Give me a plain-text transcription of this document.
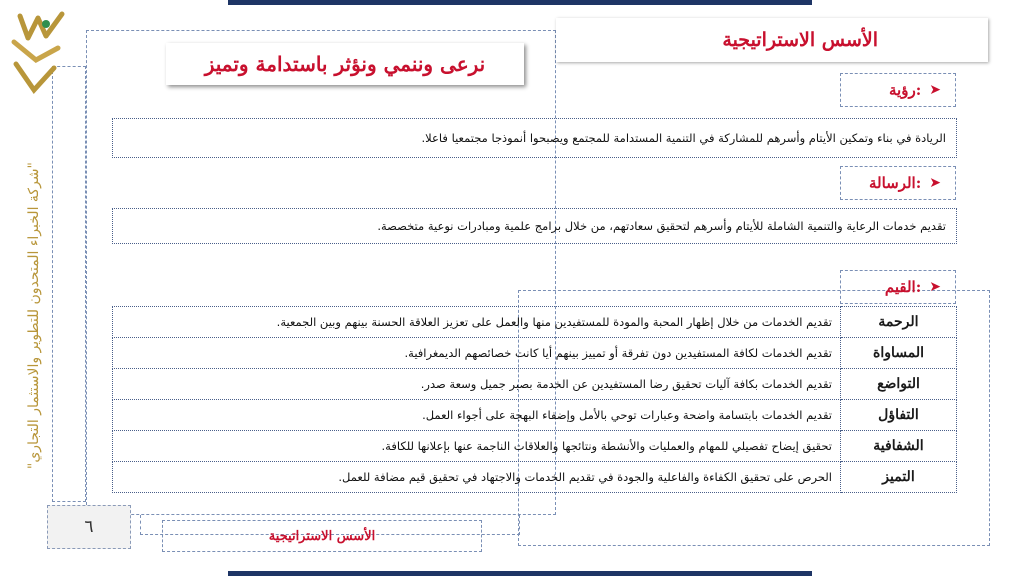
"شركة الخبراء المتحدون للتطوير والاستثمار التجاري"
الأسس الاستراتيجية
نرعى وننمي ونؤثر باستدامة وتميز
رؤية: ➤
الريادة في بناء وتمكين الأيتام وأسرهم للمشاركة في التنمية المستدامة للمجتمع ويصبحوا أنموذجا مجتمعيا فاعلا.
الرسالة: ➤
تقديم خدمات الرعاية والتنمية الشاملة للأيتام وأسرهم لتحقيق سعادتهم، من خلال برامج علمية ومبادرات نوعية متخصصة.
القيم: ➤
تقديم الخدمات من خلال إظهار المحبة والمودة للمستفيدين منها والعمل على تعزيز العلاقة الحسنة بينهم وبين الجمعية.	الرحمة
تقديم الخدمات لكافة المستفيدين دون تفرقة أو تمييز بينهم أيا كانت خصائصهم الديمغرافية.	المساواة
تقديم الخدمات بكافة آليات تحقيق رضا المستفيدين عن الخدمة بصبر جميل وسعة صدر.	التواضع
تقديم الخدمات بابتسامة واضحة وعبارات توحي بالأمل وإضفاء البهجة على أجواء العمل.	التفاؤل
تحقيق إيضاح تفصيلي للمهام والعمليات والأنشطة ونتائجها والعلاقات الناجمة عنها بإعلانها للكافة.	الشفافية
الحرص على تحقيق الكفاءة والفاعلية والجودة في تقديم الخدمات والاجتهاد في تحقيق قيم مضافة للعمل.	التميز
٦	الأسس الاستراتيجية
